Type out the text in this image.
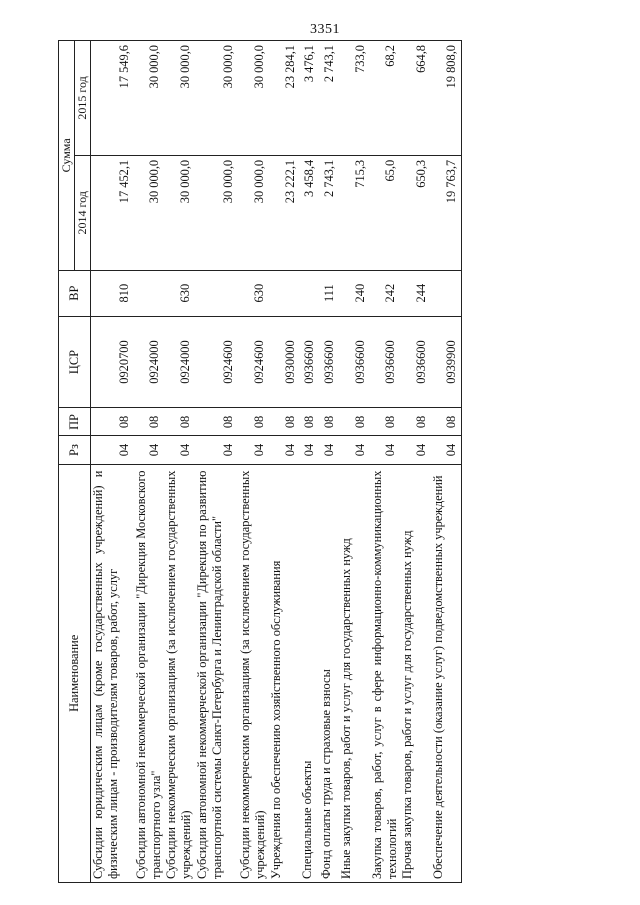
3351
Наименование	Рз	ПР	ЦСР	ВР	Сумма	
					2014 год	2015 год
Субсидии юридическим лицам (кроме государственных учреждений) и физическим лицам - производителям товаров, работ, услуг	04	08	0920700	810	17 452,1	17 549,6
Субсидии автономной некоммерческой организации "Дирекция Московского транспортного узла"	04	08	0924000		30 000,0	30 000,0
Субсидии некоммерческим организациям (за исключением государственных учреждений)	04	08	0924000	630	30 000,0	30 000,0
Субсидии автономной некоммерческой организации "Дирекция по развитию транспортной системы Санкт-Петербурга и Ленинградской области"	04	08	0924600		30 000,0	30 000,0
Субсидии некоммерческим организациям (за исключением государственных учреждений)	04	08	0924600	630	30 000,0	30 000,0
Учреждения по обеспечению хозяйственного обслуживания	04	08	0930000		23 222,1	23 284,1
Специальные объекты	04	08	0936600		3 458,4	3 476,1
Фонд оплаты труда и страховые взносы	04	08	0936600	111	2 743,1	2 743,1
Иные закупки товаров, работ и услуг для государственных нужд	04	08	0936600	240	715,3	733,0
Закупка товаров, работ, услуг в сфере информационно-коммуникационных технологий	04	08	0936600	242	65,0	68,2
Прочая закупка товаров, работ и услуг для государственных нужд	04	08	0936600	244	650,3	664,8
Обеспечение деятельности (оказание услуг) подведомственных учреждений	04	08	0939900		19 763,7	19 808,0
